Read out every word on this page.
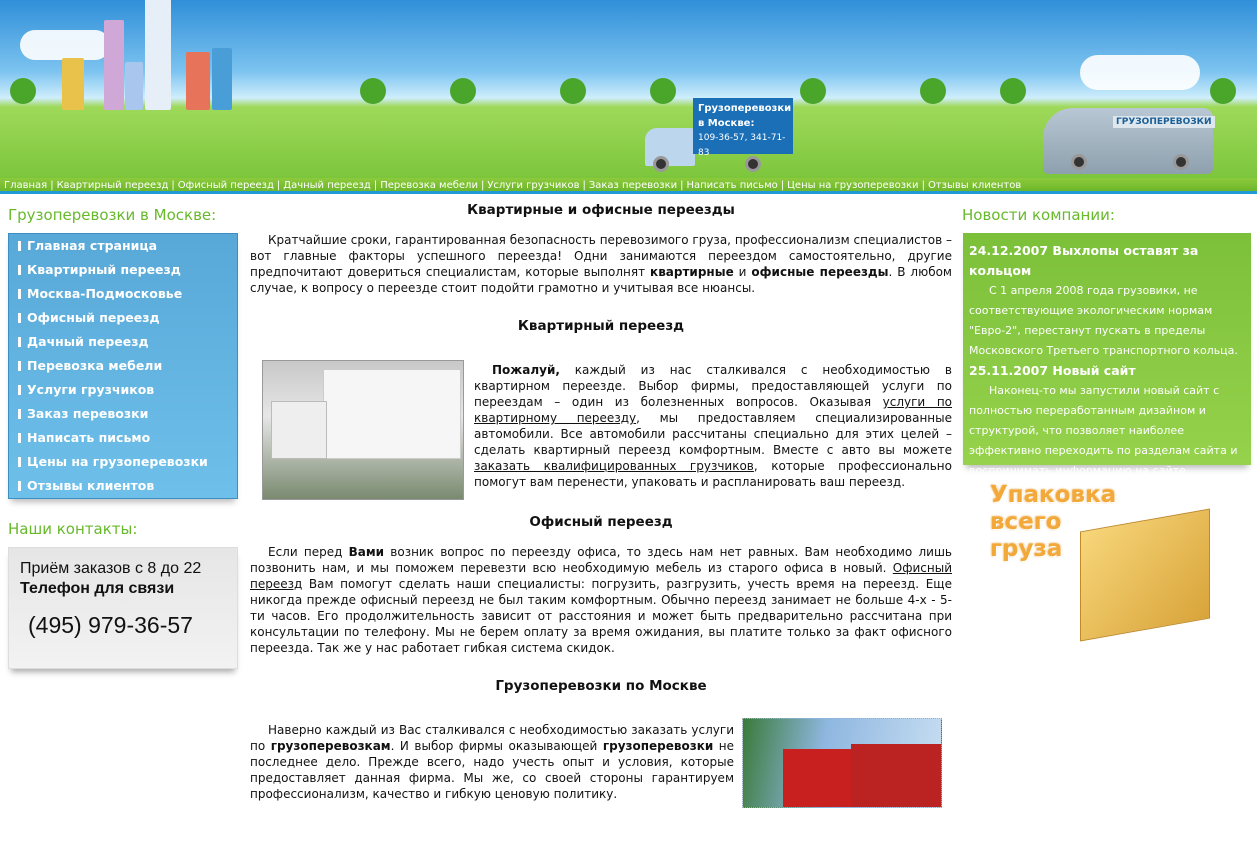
Грузоперевозки
в Москве:
109-36-57, 341-71-83
ГРУЗОПЕРЕВОЗКИ
Главная | Квартирный переезд | Офисный переезд | Дачный переезд | Перевозка мебели | Услуги грузчиков | Заказ перевозки | Написать письмо | Цены на грузоперевозки | Отзывы клиентов
Грузоперевозки в Москве:
Главная страница
Квартирный переезд
Москва-Подмосковье
Офисный переезд
Дачный переезд
Перевозка мебели
Услуги грузчиков
Заказ перевозки
Написать письмо
Цены на грузоперевозки
Отзывы клиентов
Наши контакты:
Приём заказов с 8 до 22
Телефон для связи
(495) 979-36-57
Квартирные и офисные переезды

Кратчайшие сроки, гарантированная безопасность перевозимого груза, профессионализм специалистов – вот главные факторы успешного переезда! Одни занимаются переездом самостоятельно, другие предпочитают довериться специалистам, которые выполнят квартирные и офисные переезды. В любом случае, к вопросу о переезде стоит подойти грамотно и учитывая все нюансы.

Квартирный переезд

Пожалуй, каждый из нас сталкивался с необходимостью в квартирном переезде. Выбор фирмы, предоставляющей услуги по переездам – один из болезненных вопросов. Оказывая услуги по квартирному переезду, мы предоставляем специализированные автомобили. Все автомобили рассчитаны специально для этих целей – сделать квартирный переезд комфортным. Вместе с авто вы можете заказать квалифицированных грузчиков, которые профессионально помогут вам перенести, упаковать и распланировать ваш переезд.

Офисный переезд

Если перед Вами возник вопрос по переезду офиса, то здесь нам нет равных. Вам необходимо лишь позвонить нам, и мы поможем перевезти всю необходимую мебель из старого офиса в новый. Офисный переезд Вам помогут сделать наши специалисты: погрузить, разгрузить, учесть время на переезд. Еще никогда прежде офисный переезд не был таким комфортным. Обычно переезд занимает не больше 4-х - 5-ти часов. Его продолжительность зависит от расстояния и может быть предварительно рассчитана при консультации по телефону. Мы не берем оплату за время ожидания, вы платите только за факт офисного переезда. Так же у нас работает гибкая система скидок.

Грузоперевозки по Москве

Наверно каждый из Вас сталкивался с необходимостью заказать услуги по грузоперевозкам. И выбор фирмы оказывающей грузоперевозки не последнее дело. Прежде всего, надо учесть опыт и условия, которые предоставляет данная фирма. Мы же, со своей стороны гарантируем профессионализм, качество и гибкую ценовую политику.

Новости компании:
24.12.2007 Выхлопы оставят за кольцом
С 1 апреля 2008 года грузовики, не соответствующие экологическим нормам "Евро-2", перестанут пускать в пределы Московского Третьего транспортного кольца.
25.11.2007 Новый сайт
Наконец-то мы запустили новый сайт с полностью переработанным дизайном и структурой, что позволяет наиболее эффективно переходить по разделам сайта и воспринимать информацию на сайте.
Упаковка всего груза
